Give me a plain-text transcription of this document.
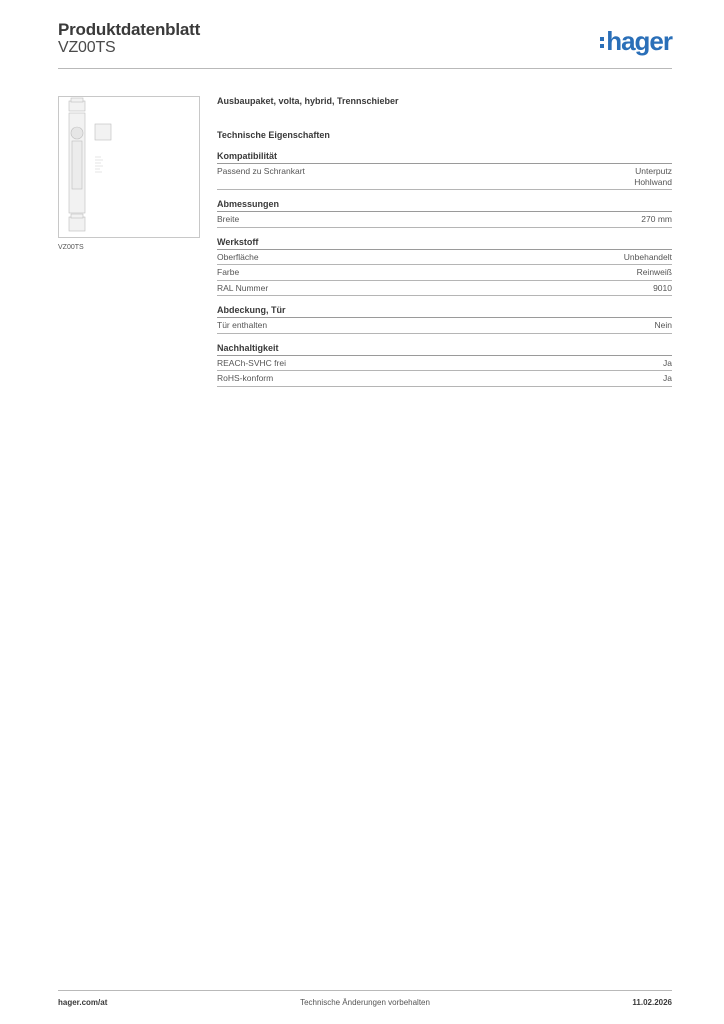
Produktdatenblatt
VZ00TS	hager
VZ00TS
Ausbaupaket, volta, hybrid, Trennschieber
Technische Eigenschaften
Kompatibilität
Passend zu Schrankart	Unterputz
Hohlwand
Abmessungen
Breite	270 mm
Werkstoff
Oberfläche	Unbehandelt
Farbe	Reinweiß
RAL Nummer	9010
Abdeckung, Tür
Tür enthalten	Nein
Nachhaltigkeit
REACh-SVHC frei	Ja
RoHS-konform	Ja
hager.com/at	Technische Änderungen vorbehalten	11.02.2026
